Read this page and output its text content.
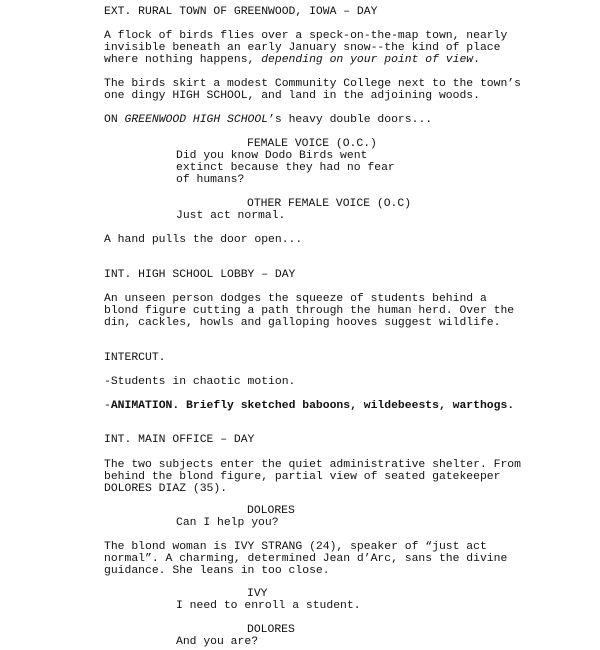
EXT. RURAL TOWN OF GREENWOOD, IOWA – DAY
A flock of birds flies over a speck-on-the-map town, nearly
invisible beneath an early January snow--the kind of place
where nothing happens, depending on your point of view.
The birds skirt a modest Community College next to the town’s
one dingy HIGH SCHOOL, and land in the adjoining woods.
ON GREENWOOD HIGH SCHOOL’s heavy double doors...
FEMALE VOICE (O.C.)
Did you know Dodo Birds went
extinct because they had no fear
of humans?
OTHER FEMALE VOICE (O.C)
Just act normal.
A hand pulls the door open...
INT. HIGH SCHOOL LOBBY – DAY
An unseen person dodges the squeeze of students behind a
blond figure cutting a path through the human herd. Over the
din, cackles, howls and galloping hooves suggest wildlife.
INTERCUT.
-Students in chaotic motion.
-ANIMATION. Briefly sketched baboons, wildebeests, warthogs.
INT. MAIN OFFICE – DAY
The two subjects enter the quiet administrative shelter. From
behind the blond figure, partial view of seated gatekeeper
DOLORES DIAZ (35).
DOLORES
Can I help you?
The blond woman is IVY STRANG (24), speaker of “just act
normal”. A charming, determined Jean d’Arc, sans the divine
guidance. She leans in too close.
IVY
I need to enroll a student.
DOLORES
And you are?
